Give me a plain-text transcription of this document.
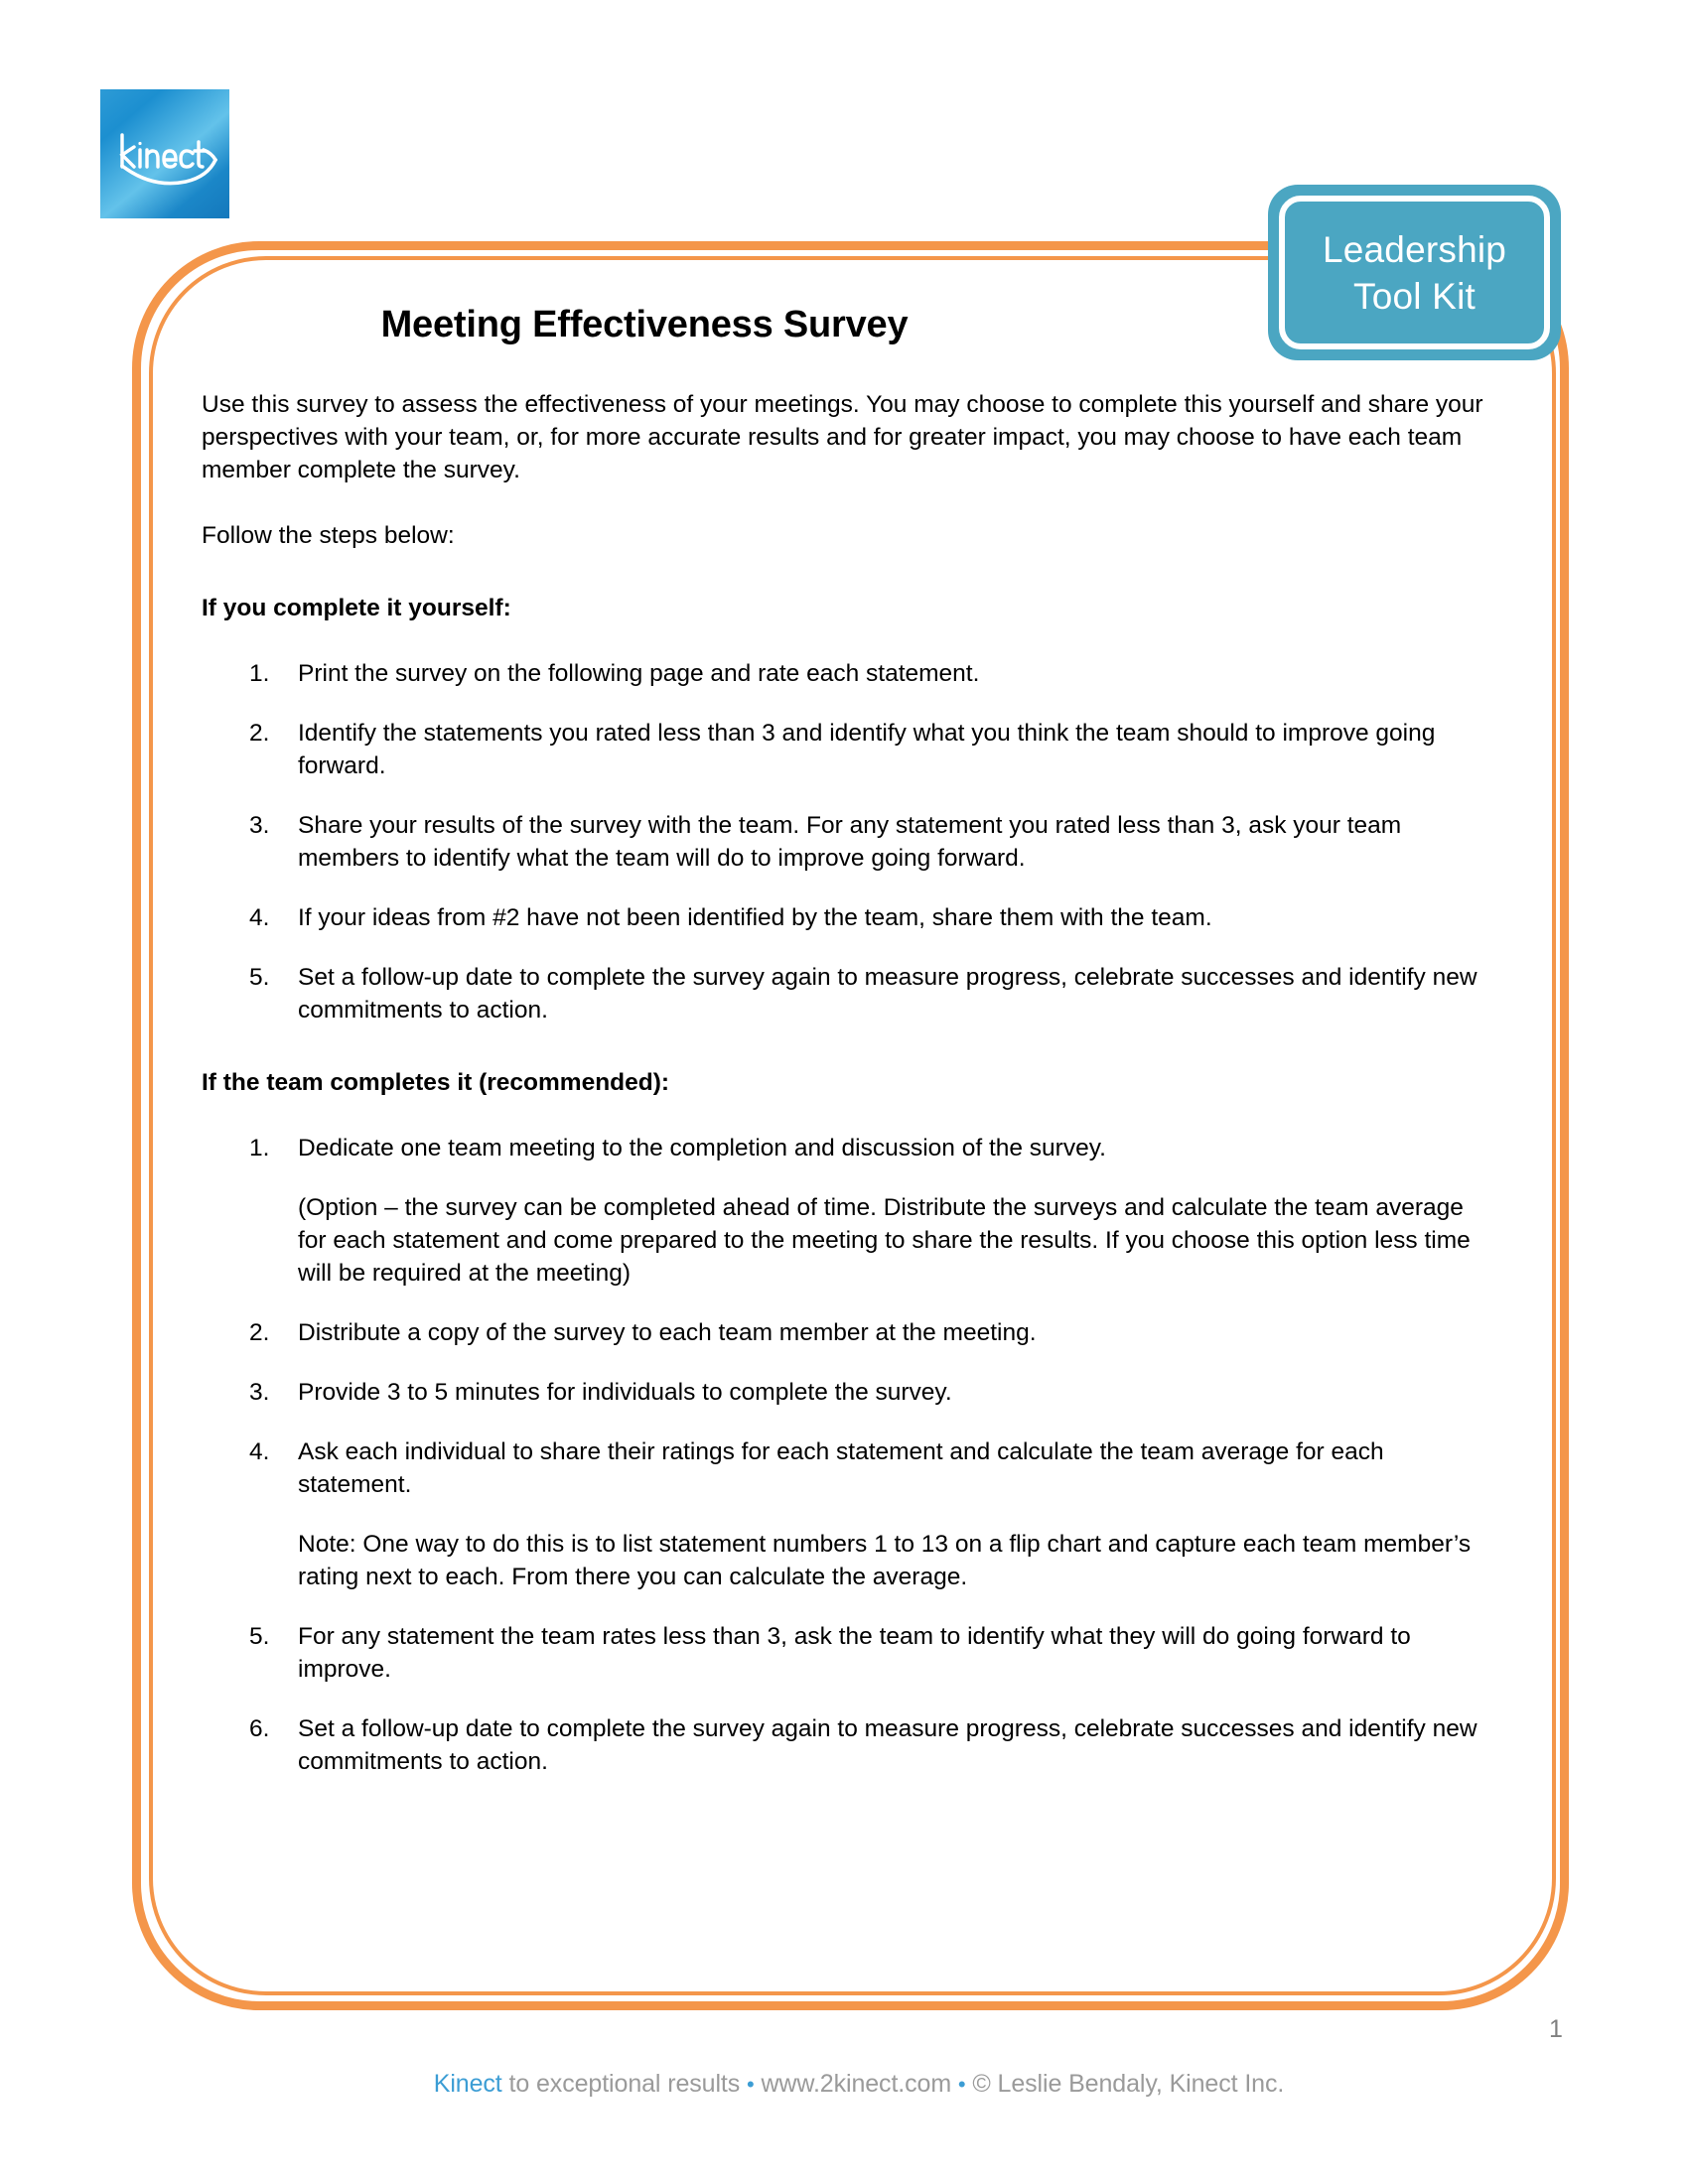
Leadership
Tool Kit
Meeting Effectiveness Survey

Use this survey to assess the effectiveness of your meetings. You may choose to complete this yourself and share your perspectives with your team, or, for more accurate results and for greater impact, you may choose to have each team member complete the survey.

Follow the steps below:

If you complete it yourself:
1.	Print the survey on the following page and rate each statement.
2.	Identify the statements you rated less than 3 and identify what you think the team should to improve going forward.
3.	Share your results of the survey with the team. For any statement you rated less than 3, ask your team members to identify what the team will do to improve going forward.
4.	If your ideas from #2 have not been identified by the team, share them with the team.
5.	Set a follow-up date to complete the survey again to measure progress, celebrate successes and identify new commitments to action.
If the team completes it (recommended):
1.	Dedicate one team meeting to the completion and discussion of the survey.
(Option – the survey can be completed ahead of time. Distribute the surveys and calculate the team average for each statement and come prepared to the meeting to share the results. If you choose this option less time will be required at the meeting)
2.	Distribute a copy of the survey to each team member at the meeting.
3.	Provide 3 to 5 minutes for individuals to complete the survey.
4.	Ask each individual to share their ratings for each statement and calculate the team average for each statement.
Note: One way to do this is to list statement numbers 1 to 13 on a flip chart and capture each team member’s rating next to each. From there you can calculate the average.
5.	For any statement the team rates less than 3, ask the team to identify what they will do going forward to improve.
6.	Set a follow-up date to complete the survey again to measure progress, celebrate successes and identify new commitments to action.
1
Kinect to exceptional results • www.2kinect.com • © Leslie Bendaly, Kinect Inc.
